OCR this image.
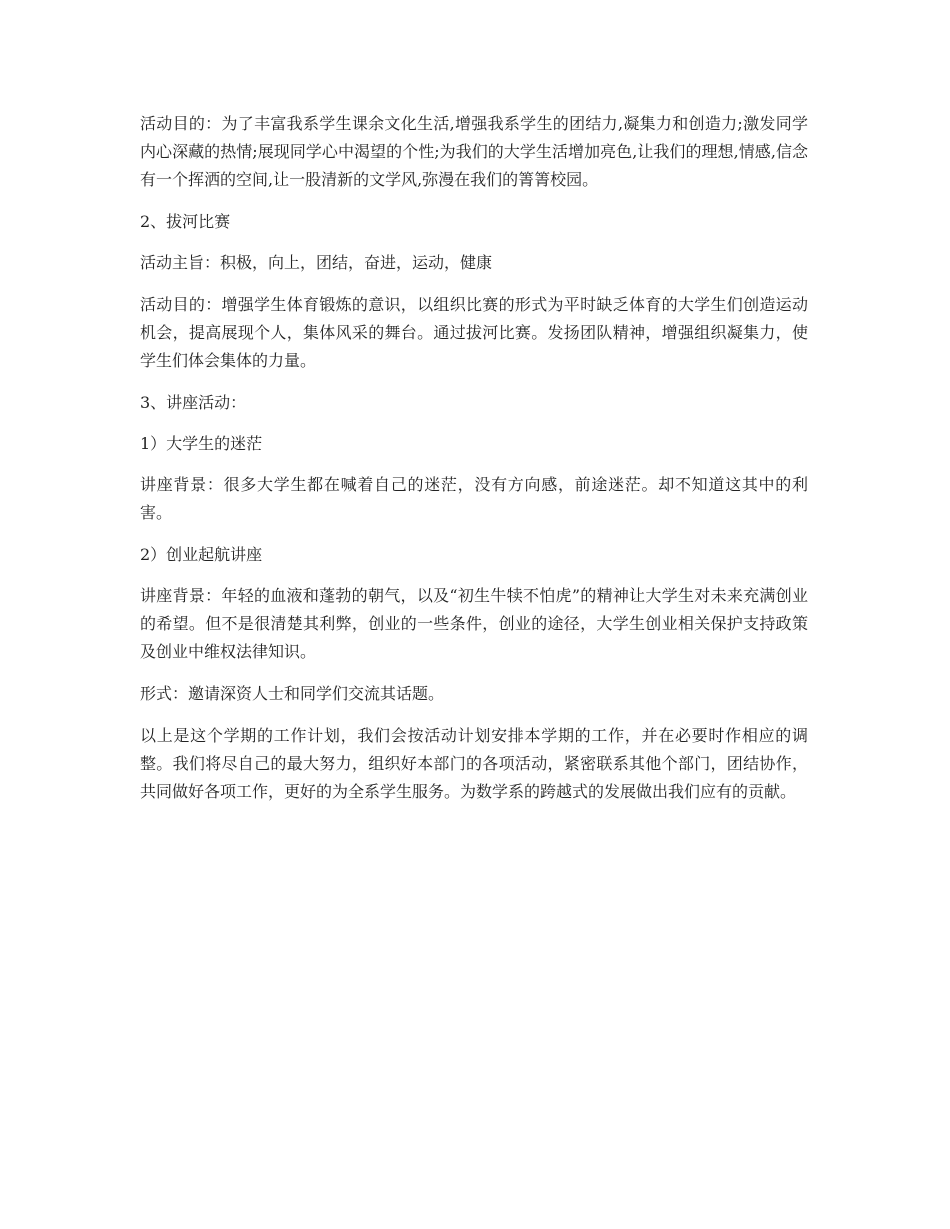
活动目的：为了丰富我系学生课余文化生活,增强我系学生的团结力,凝集力和创造力;激发同学内心深藏的热情;展现同学心中渴望的个性;为我们的大学生活增加亮色,让我们的理想,情感,信念有一个挥洒的空间,让一股清新的文学风,弥漫在我们的箐箐校园。

2、拔河比赛

活动主旨：积极，向上，团结，奋进，运动，健康

活动目的：增强学生体育锻炼的意识，以组织比赛的形式为平时缺乏体育的大学生们创造运动机会，提高展现个人，集体风采的舞台。通过拔河比赛。发扬团队精神，增强组织凝集力，使学生们体会集体的力量。

3、讲座活动：

1）大学生的迷茫

讲座背景：很多大学生都在喊着自己的迷茫，没有方向感，前途迷茫。却不知道这其中的利害。

2）创业起航讲座

讲座背景：年轻的血液和蓬勃的朝气，以及“初生牛犊不怕虎”的精神让大学生对未来充满创业的希望。但不是很清楚其利弊，创业的一些条件，创业的途径，大学生创业相关保护支持政策及创业中维权法律知识。

形式：邀请深资人士和同学们交流其话题。

以上是这个学期的工作计划，我们会按活动计划安排本学期的工作，并在必要时作相应的调整。我们将尽自己的最大努力，组织好本部门的各项活动，紧密联系其他个部门，团结协作，共同做好各项工作，更好的为全系学生服务。为数学系的跨越式的发展做出我们应有的贡献。
